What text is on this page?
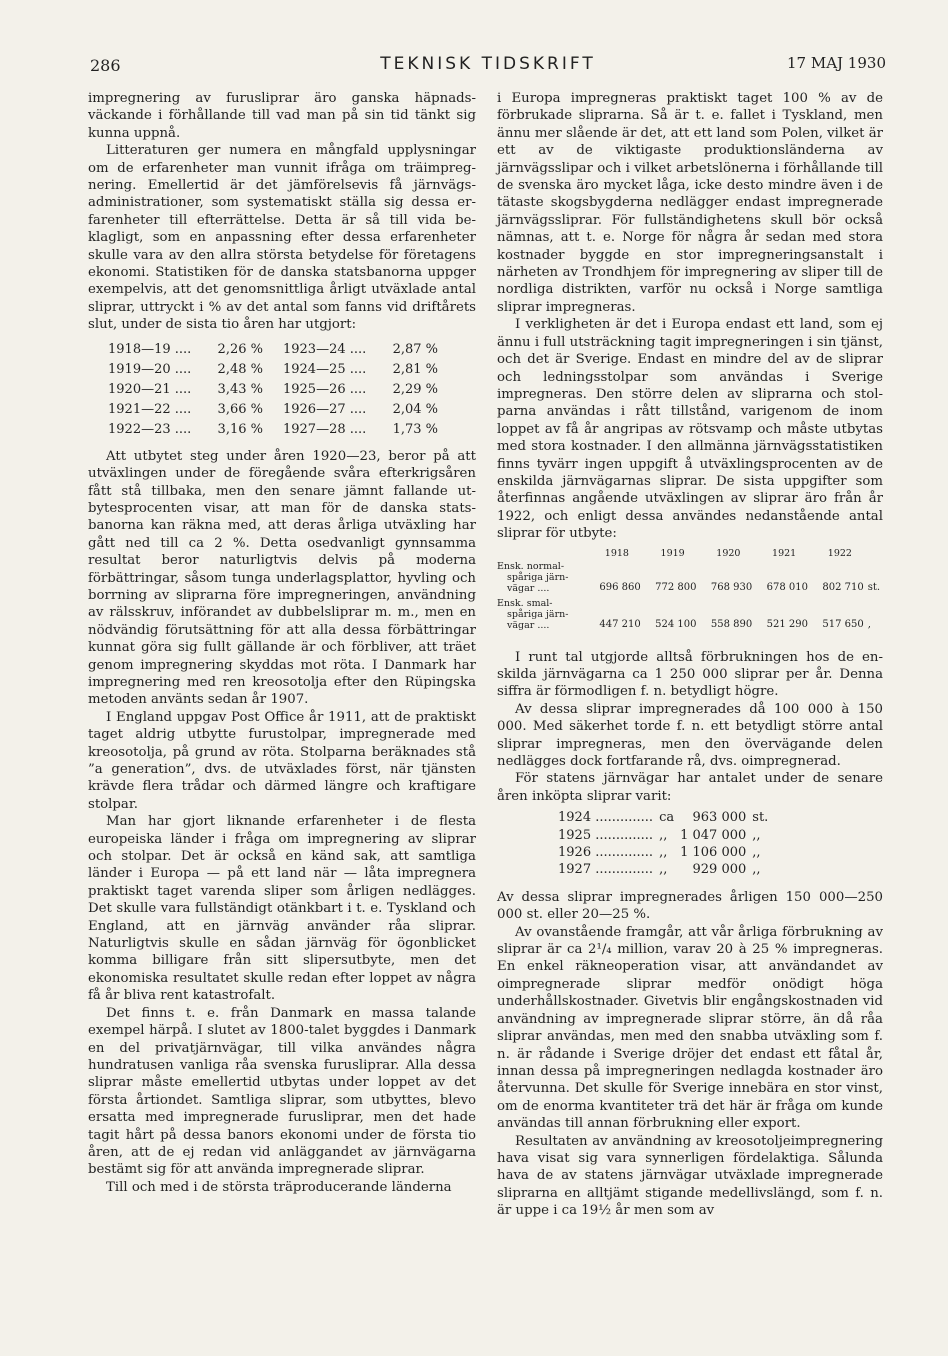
286	TEKNISK TIDSKRIFT	17 MAJ 1930

impregnering av furusliprar äro ganska häpnadsväckande i förhållande till vad man på sin tid tänkt sig kunna uppnå.

Litteraturen ger numera en mångfald upplysningar om de erfarenheter man vunnit ifråga om träimpregnering. Emellertid är det jämförelsevis få järnvägsadministrationer, som systematiskt ställa sig dessa erfarenheter till efterrättelse. Detta är så till vida beklagligt, som en anpassning efter dessa erfarenheter skulle vara av den allra största betydelse för företagens ekonomi. Statistiken för de danska statsbanorna uppger exempelvis, att det genomsnittliga årligt utväxlade antal sliprar, uttryckt i % av det antal som fanns vid driftårets slut, under de sista tio åren har utgjort:

1918—19 ....	2,26 %	1923—24 ....	2,87 %
1919—20 ....	2,48 %	1924—25 ....	2,81 %
1920—21 ....	3,43 %	1925—26 ....	2,29 %
1921—22 ....	3,66 %	1926—27 ....	2,04 %
1922—23 ....	3,16 %	1927—28 ....	1,73 %

Att utbytet steg under åren 1920—23, beror på att utväxlingen under de föregående svåra efterkrigsåren fått stå tillbaka, men den senare jämnt fallande utbytesprocenten visar, att man för de danska statsbanorna kan räkna med, att deras årliga utväxling har gått ned till ca 2 %. Detta osedvanligt gynnsamma resultat beror naturligtvis delvis på moderna förbättringar, såsom tunga underlagsplattor, hyvling och borrning av sliprarna före impregneringen, användning av rälsskruv, införandet av dubbelsliprar m. m., men en nödvändig förutsättning för att alla dessa förbättringar kunnat göra sig fullt gällande är och förbliver, att träet genom impregnering skyddas mot röta. I Danmark har impregnering med ren kreosotolja efter den Rüpingska metoden använts sedan år 1907.

I England uppgav Post Office år 1911, att de praktiskt taget aldrig utbytte furustolpar, impregnerade med kreosotolja, på grund av röta. Stolparna beräknades stå ”a generation”, dvs. de utväxlades först, när tjänsten krävde flera trådar och därmed längre och kraftigare stolpar.

Man har gjort liknande erfarenheter i de flesta europeiska länder i fråga om impregnering av sliprar och stolpar. Det är också en känd sak, att samtliga länder i Europa — på ett land när — låta impregnera praktiskt taget varenda sliper som årligen nedlägges. Det skulle vara fullständigt otänkbart i t. e. Tyskland och England, att en järnväg använder råa sliprar. Naturligtvis skulle en sådan järnväg för ögonblicket komma billigare från sitt slipersutbyte, men det ekonomiska resultatet skulle redan efter loppet av några få år bliva rent katastrofalt.

Det finns t. e. från Danmark en massa talande exempel härpå. I slutet av 1800-talet byggdes i Danmark en del privatjärnvägar, till vilka användes några hundratusen vanliga råa svenska furusliprar. Alla dessa sliprar måste emellertid utbytas under loppet av det första årtiondet. Samtliga sliprar, som utbyttes, blevo ersatta med impregnerade furusliprar, men det hade tagit hårt på dessa banors ekonomi under de första tio åren, att de ej redan vid anläggandet av järnvägarna bestämt sig för att använda impregnerade sliprar.

Till och med i de största träproducerande länderna

i Europa impregneras praktiskt taget 100 % av de förbrukade sliprarna. Så är t. e. fallet i Tyskland, men ännu mer slående är det, att ett land som Polen, vilket är ett av de viktigaste produktionsländerna av järnvägsslipar och i vilket arbetslönerna i förhållande till de svenska äro mycket låga, icke desto mindre även i de tätaste skogsbygderna nedlägger endast impregnerade järnvägssliprar. För fullständighetens skull bör också nämnas, att t. e. Norge för några år sedan med stora kostnader byggde en stor impregneringsanstalt i närheten av Trondhjem för impregnering av sliper till de nordliga distrikten, varför nu också i Norge samtliga sliprar impregneras.

I verkligheten är det i Europa endast ett land, som ej ännu i full utsträckning tagit impregneringen i sin tjänst, och det är Sverige. Endast en mindre del av de sliprar och ledningsstolpar som användas i Sverige impregneras. Den större delen av sliprarna och stolparna användas i rått tillstånd, varigenom de inom loppet av få år angripas av rötsvamp och måste utbytas med stora kostnader. I den allmänna järnvägsstatistiken finns tyvärr ingen uppgift å utväxlingsprocenten av de enskilda järnvägarnas sliprar. De sista uppgifter som återfinnas angående utväxlingen av sliprar äro från år 1922, och enligt dessa användes nedanstående antal sliprar för utbyte:

	1918	1919	1920	1921	1922	

Ensk. normal-
spåriga järn-
vägar ....	696 860	772 800	768 930	678 010	802 710	st.

Ensk. smal-
spåriga järn-
vägar ....	447 210	524 100	558 890	521 290	517 650	,

I runt tal utgjorde alltså förbrukningen hos de enskilda järnvägarna ca 1 250 000 sliprar per år. Denna siffra är förmodligen f. n. betydligt högre.

Av dessa sliprar impregnerades då 100 000 à 150 000. Med säkerhet torde f. n. ett betydligt större antal sliprar impregneras, men den övervägande delen nedlägges dock fortfarande rå, dvs. oimpregnerad.

För statens järnvägar har antalet under de senare åren inköpta sliprar varit:

1924 ..............	ca	963 000	st.
1925 ..............	,,	1 047 000	,,
1926 ..............	,,	1 106 000	,,
1927 ..............	,,	929 000	,,

Av dessa sliprar impregnerades årligen 150 000—250 000 st. eller 20—25 %.

Av ovanstående framgår, att vår årliga förbrukning av sliprar är ca 2¹/₄ million, varav 20 à 25 % impregneras. En enkel räkneoperation visar, att användandet av oimpregnerade sliprar medför onödigt höga underhållskostnader. Givetvis blir engångskostnaden vid användning av impregnerade sliprar större, än då råa sliprar användas, men med den snabba utväxling som f. n. är rådande i Sverige dröjer det endast ett fåtal år, innan dessa på impregneringen nedlagda kostnader äro återvunna. Det skulle för Sverige innebära en stor vinst, om de enorma kvantiteter trä det här är fråga om kunde användas till annan förbrukning eller export.

Resultaten av användning av kreosotoljeimpregnering hava visat sig vara synnerligen fördelaktiga. Sålunda hava de av statens järnvägar utväxlade impregnerade sliprarna en alltjämt stigande medellivslängd, som f. n. är uppe i ca 19½ år men som av
